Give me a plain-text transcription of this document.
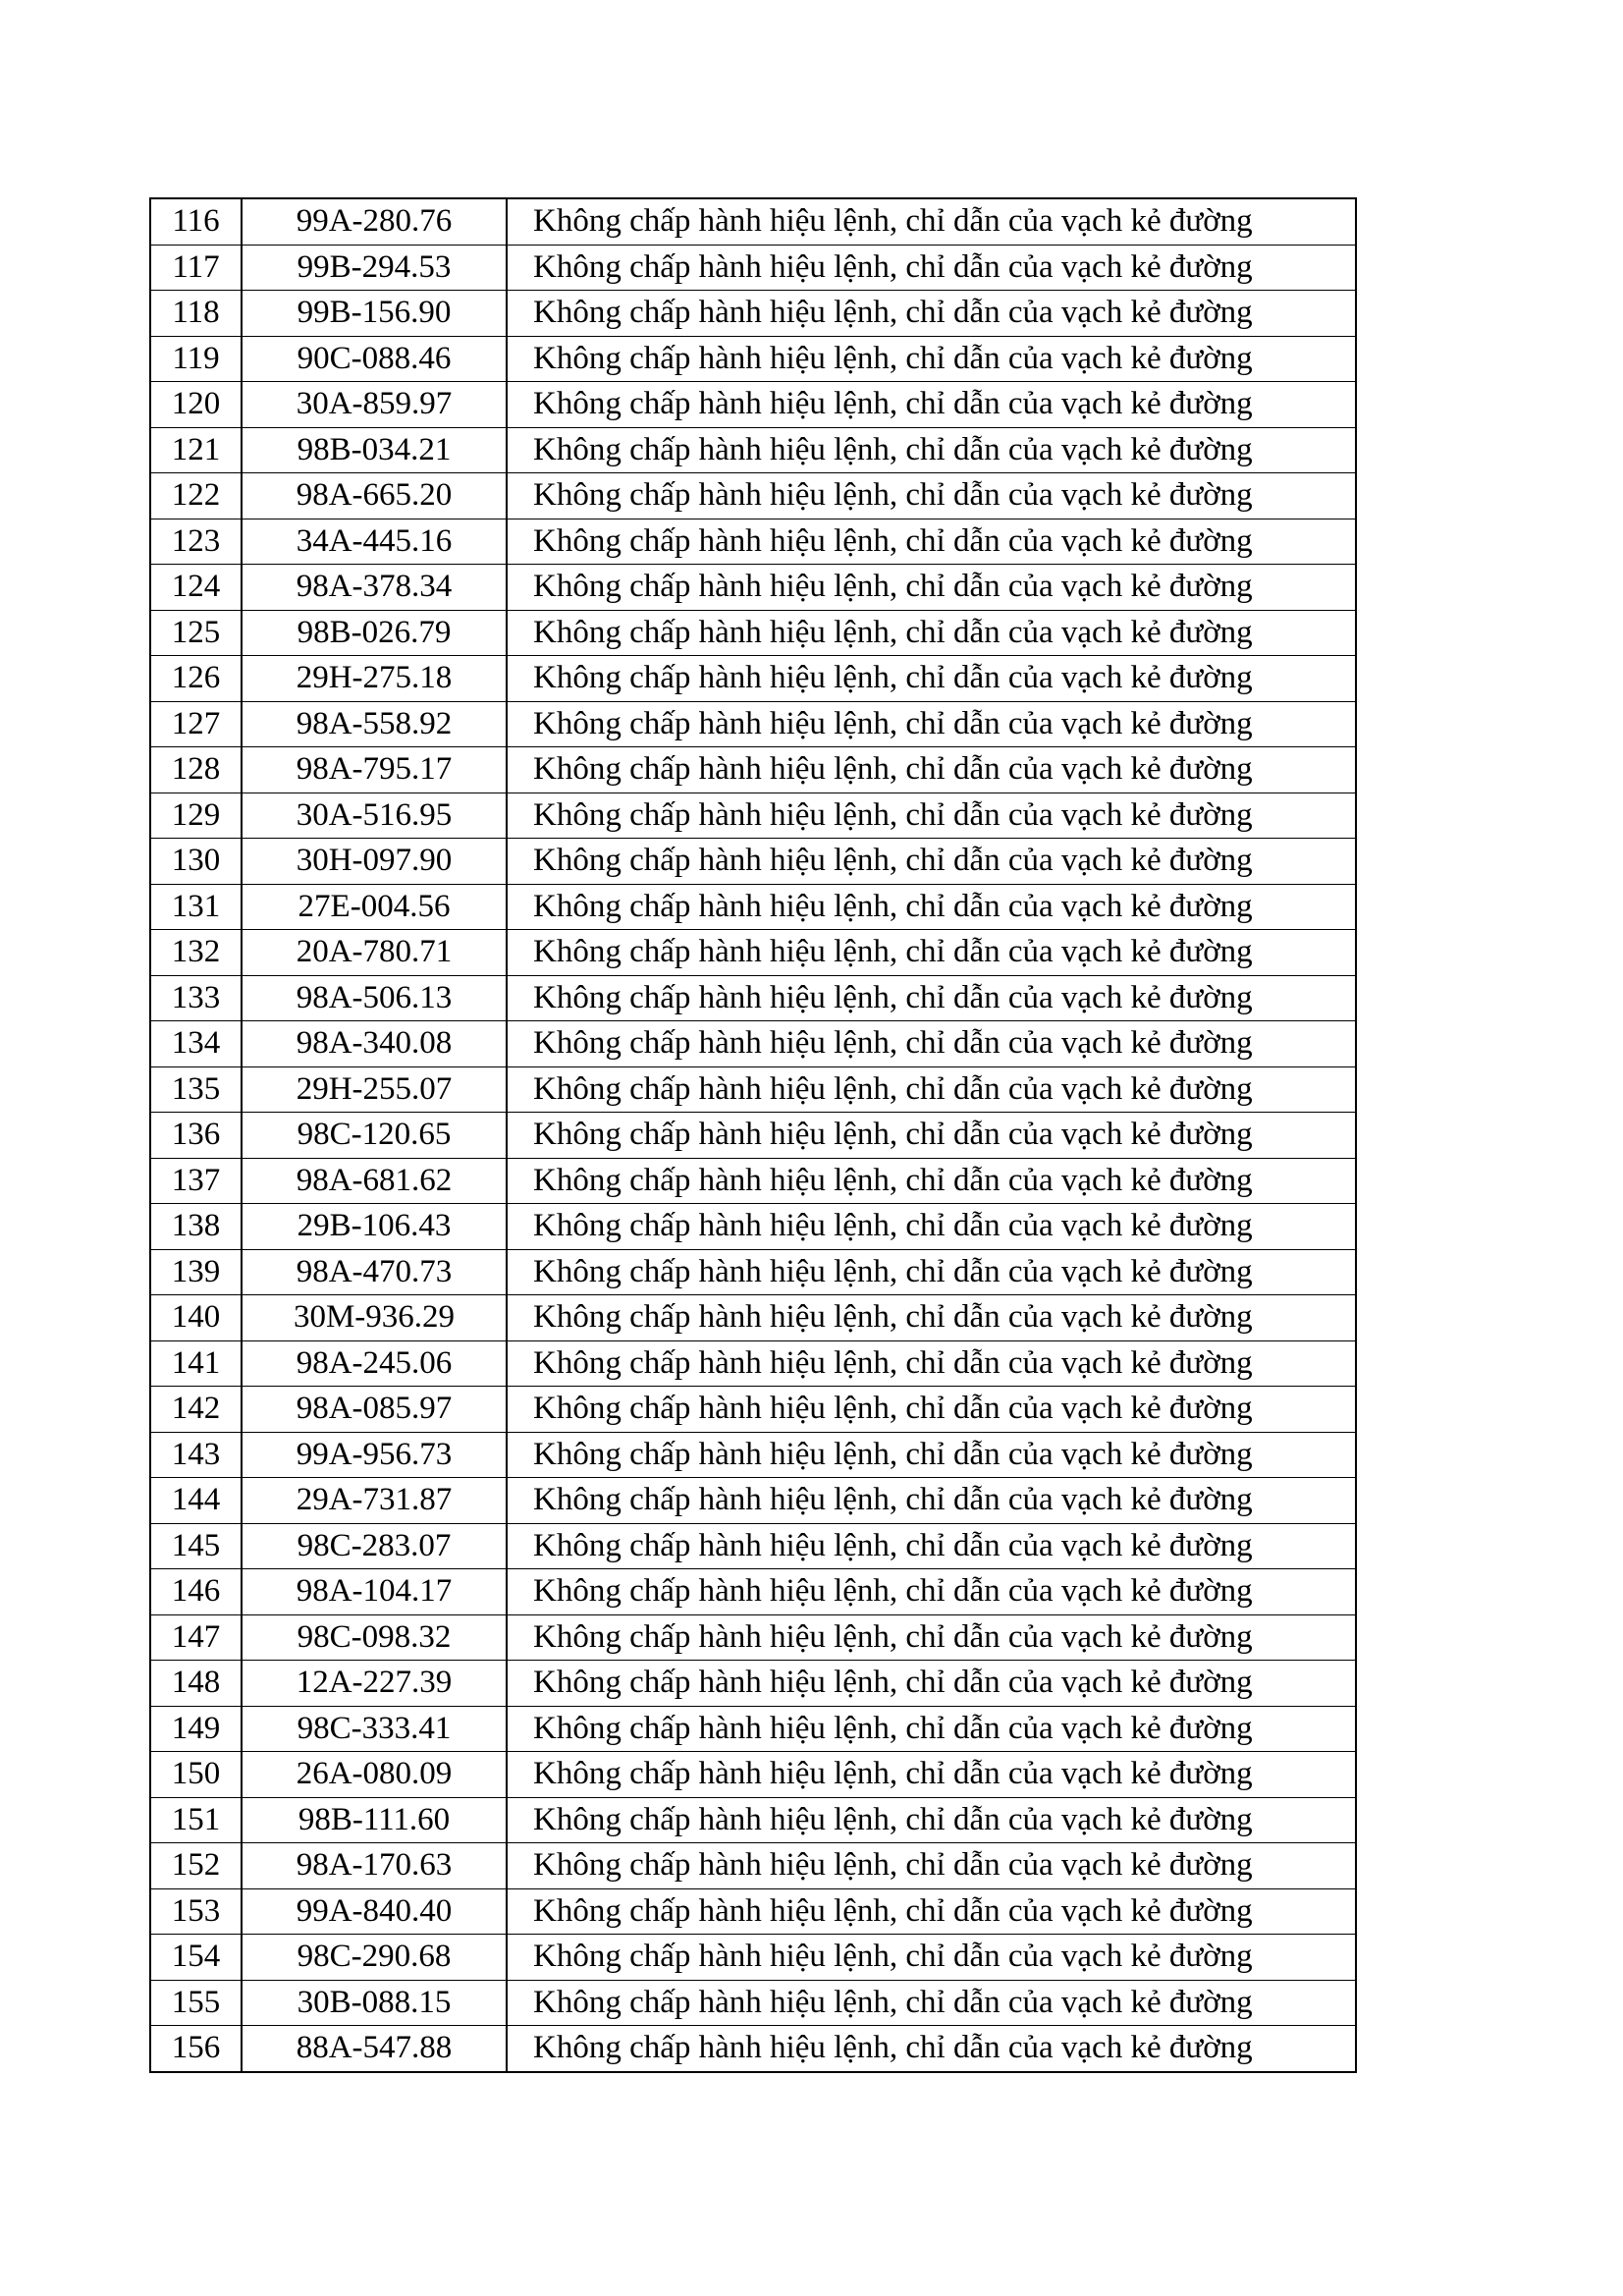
116	99A-280.76	Không chấp hành hiệu lệnh, chỉ dẫn của vạch kẻ đường
117	99B-294.53	Không chấp hành hiệu lệnh, chỉ dẫn của vạch kẻ đường
118	99B-156.90	Không chấp hành hiệu lệnh, chỉ dẫn của vạch kẻ đường
119	90C-088.46	Không chấp hành hiệu lệnh, chỉ dẫn của vạch kẻ đường
120	30A-859.97	Không chấp hành hiệu lệnh, chỉ dẫn của vạch kẻ đường
121	98B-034.21	Không chấp hành hiệu lệnh, chỉ dẫn của vạch kẻ đường
122	98A-665.20	Không chấp hành hiệu lệnh, chỉ dẫn của vạch kẻ đường
123	34A-445.16	Không chấp hành hiệu lệnh, chỉ dẫn của vạch kẻ đường
124	98A-378.34	Không chấp hành hiệu lệnh, chỉ dẫn của vạch kẻ đường
125	98B-026.79	Không chấp hành hiệu lệnh, chỉ dẫn của vạch kẻ đường
126	29H-275.18	Không chấp hành hiệu lệnh, chỉ dẫn của vạch kẻ đường
127	98A-558.92	Không chấp hành hiệu lệnh, chỉ dẫn của vạch kẻ đường
128	98A-795.17	Không chấp hành hiệu lệnh, chỉ dẫn của vạch kẻ đường
129	30A-516.95	Không chấp hành hiệu lệnh, chỉ dẫn của vạch kẻ đường
130	30H-097.90	Không chấp hành hiệu lệnh, chỉ dẫn của vạch kẻ đường
131	27E-004.56	Không chấp hành hiệu lệnh, chỉ dẫn của vạch kẻ đường
132	20A-780.71	Không chấp hành hiệu lệnh, chỉ dẫn của vạch kẻ đường
133	98A-506.13	Không chấp hành hiệu lệnh, chỉ dẫn của vạch kẻ đường
134	98A-340.08	Không chấp hành hiệu lệnh, chỉ dẫn của vạch kẻ đường
135	29H-255.07	Không chấp hành hiệu lệnh, chỉ dẫn của vạch kẻ đường
136	98C-120.65	Không chấp hành hiệu lệnh, chỉ dẫn của vạch kẻ đường
137	98A-681.62	Không chấp hành hiệu lệnh, chỉ dẫn của vạch kẻ đường
138	29B-106.43	Không chấp hành hiệu lệnh, chỉ dẫn của vạch kẻ đường
139	98A-470.73	Không chấp hành hiệu lệnh, chỉ dẫn của vạch kẻ đường
140	30M-936.29	Không chấp hành hiệu lệnh, chỉ dẫn của vạch kẻ đường
141	98A-245.06	Không chấp hành hiệu lệnh, chỉ dẫn của vạch kẻ đường
142	98A-085.97	Không chấp hành hiệu lệnh, chỉ dẫn của vạch kẻ đường
143	99A-956.73	Không chấp hành hiệu lệnh, chỉ dẫn của vạch kẻ đường
144	29A-731.87	Không chấp hành hiệu lệnh, chỉ dẫn của vạch kẻ đường
145	98C-283.07	Không chấp hành hiệu lệnh, chỉ dẫn của vạch kẻ đường
146	98A-104.17	Không chấp hành hiệu lệnh, chỉ dẫn của vạch kẻ đường
147	98C-098.32	Không chấp hành hiệu lệnh, chỉ dẫn của vạch kẻ đường
148	12A-227.39	Không chấp hành hiệu lệnh, chỉ dẫn của vạch kẻ đường
149	98C-333.41	Không chấp hành hiệu lệnh, chỉ dẫn của vạch kẻ đường
150	26A-080.09	Không chấp hành hiệu lệnh, chỉ dẫn của vạch kẻ đường
151	98B-111.60	Không chấp hành hiệu lệnh, chỉ dẫn của vạch kẻ đường
152	98A-170.63	Không chấp hành hiệu lệnh, chỉ dẫn của vạch kẻ đường
153	99A-840.40	Không chấp hành hiệu lệnh, chỉ dẫn của vạch kẻ đường
154	98C-290.68	Không chấp hành hiệu lệnh, chỉ dẫn của vạch kẻ đường
155	30B-088.15	Không chấp hành hiệu lệnh, chỉ dẫn của vạch kẻ đường
156	88A-547.88	Không chấp hành hiệu lệnh, chỉ dẫn của vạch kẻ đường
